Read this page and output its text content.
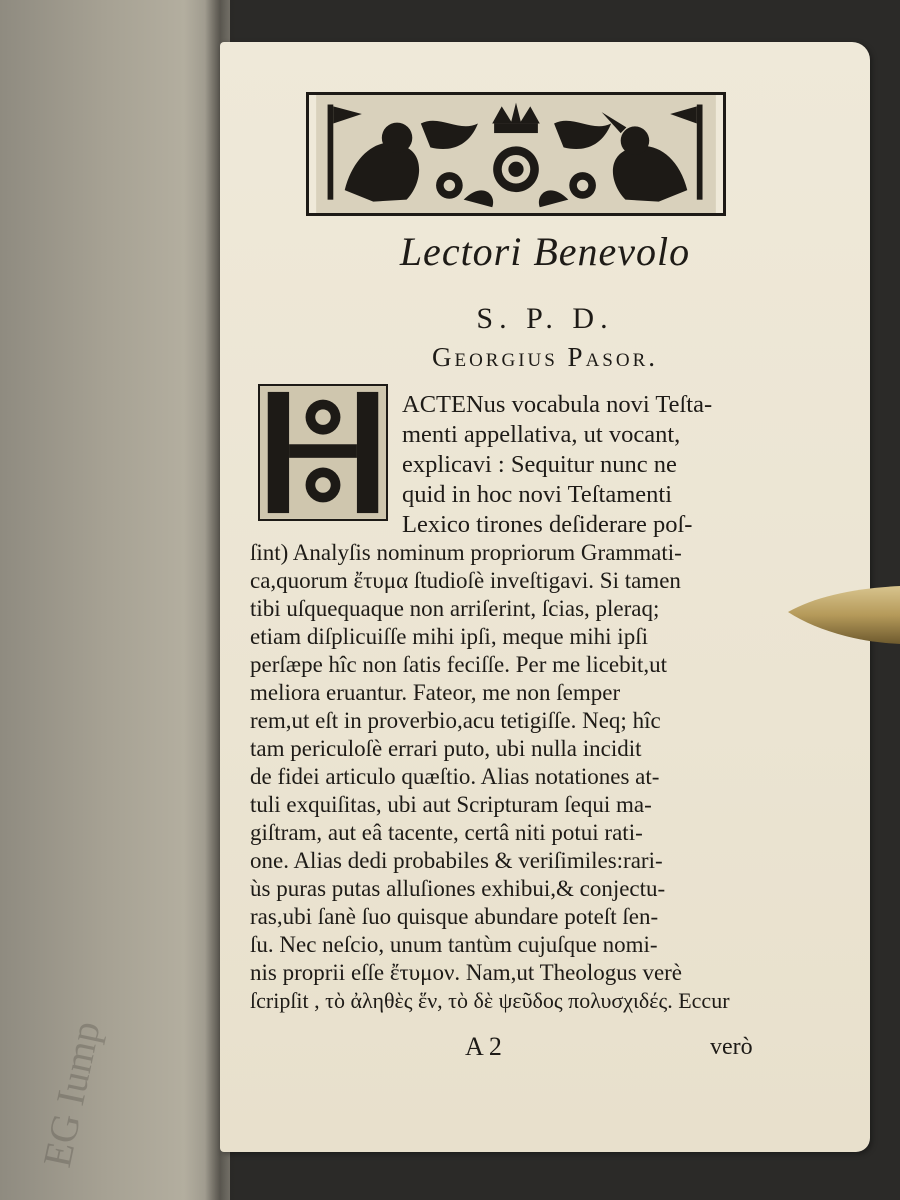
EG Iump
Lectori Benevolo
S. P. D.
Georgius Pasor.
ACTENus vocabula novi Teſta-
menti appellativa, ut vocant,
explicavi : Sequitur nunc ne
quid in hoc novi Teſtamenti
Lexico tirones deſiderare poſ-
ſint) Analyſis nominum propriorum Grammati-
ca,quorum ἔτυμα ſtudioſè inveſtigavi. Si tamen
tibi uſquequaque non arriſerint, ſcias, pleraq;
etiam diſplicuiſſe mihi ipſi, meque mihi ipſi
perſæpe hîc non ſatis feciſſe. Per me licebit,ut
meliora eruantur. Fateor, me non ſemper
rem,ut eſt in proverbio,acu tetigiſſe. Neq; hîc
tam periculoſè errari puto, ubi nulla incidit
de fidei articulo quæſtio. Alias notationes at-
tuli exquiſitas, ubi aut Scripturam ſequi ma-
giſtram, aut eâ tacente, certâ niti potui rati-
one. Alias dedi probabiles & veriſimiles:rari-
ùs puras putas alluſiones exhibui,& conjectu-
ras,ubi ſanè ſuo quisque abundare poteſt ſen-
ſu. Nec neſcio, unum tantùm cujuſque nomi-
nis proprii eſſe ἔτυμον. Nam,ut Theologus verè
ſcripſit , τὸ ἀληθὲς ἕν, τὸ δὲ ψεῦδος πολυσχιδές. Eccur
A 2	verò
